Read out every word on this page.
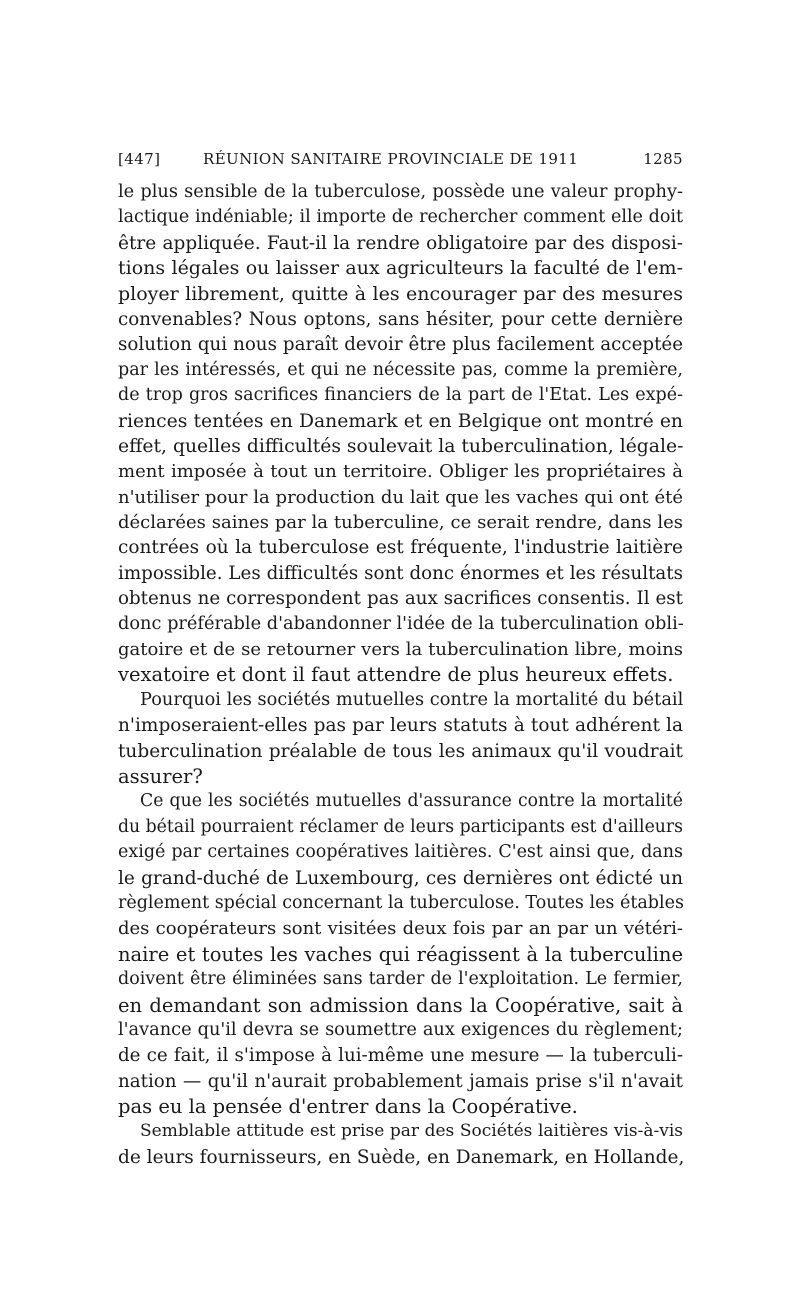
[447]	RÉUNION SANITAIRE PROVINCIALE DE 1911	1285
le plus sensible de la tuberculose, possède une valeur prophy-
lactique indéniable; il importe de rechercher comment elle doit
être appliquée. Faut-il la rendre obligatoire par des disposi-
tions légales ou laisser aux agriculteurs la faculté de l'em-
ployer librement, quitte à les encourager par des mesures
convenables? Nous optons, sans hésiter, pour cette dernière
solution qui nous paraît devoir être plus facilement acceptée
par les intéressés, et qui ne nécessite pas, comme la première,
de trop gros sacrifices financiers de la part de l'Etat. Les expé-
riences tentées en Danemark et en Belgique ont montré en
effet, quelles difficultés soulevait la tuberculination, légale-
ment imposée à tout un territoire. Obliger les propriétaires à
n'utiliser pour la production du lait que les vaches qui ont été
déclarées saines par la tuberculine, ce serait rendre, dans les
contrées où la tuberculose est fréquente, l'industrie laitière
impossible. Les difficultés sont donc énormes et les résultats
obtenus ne correspondent pas aux sacrifices consentis. Il est
donc préférable d'abandonner l'idée de la tuberculination obli-
gatoire et de se retourner vers la tuberculination libre, moins
vexatoire et dont il faut attendre de plus heureux effets.
Pourquoi les sociétés mutuelles contre la mortalité du bétail
n'imposeraient-elles pas par leurs statuts à tout adhérent la
tuberculination préalable de tous les animaux qu'il voudrait
assurer?
Ce que les sociétés mutuelles d'assurance contre la mortalité
du bétail pourraient réclamer de leurs participants est d'ailleurs
exigé par certaines coopératives laitières. C'est ainsi que, dans
le grand-duché de Luxembourg, ces dernières ont édicté un
règlement spécial concernant la tuberculose. Toutes les étables
des coopérateurs sont visitées deux fois par an par un vétéri-
naire et toutes les vaches qui réagissent à la tuberculine
doivent être éliminées sans tarder de l'exploitation. Le fermier,
en demandant son admission dans la Coopérative, sait à
l'avance qu'il devra se soumettre aux exigences du règlement;
de ce fait, il s'impose à lui-même une mesure — la tuberculi-
nation — qu'il n'aurait probablement jamais prise s'il n'avait
pas eu la pensée d'entrer dans la Coopérative.
Semblable attitude est prise par des Sociétés laitières vis-à-vis
de leurs fournisseurs, en Suède, en Danemark, en Hollande,
